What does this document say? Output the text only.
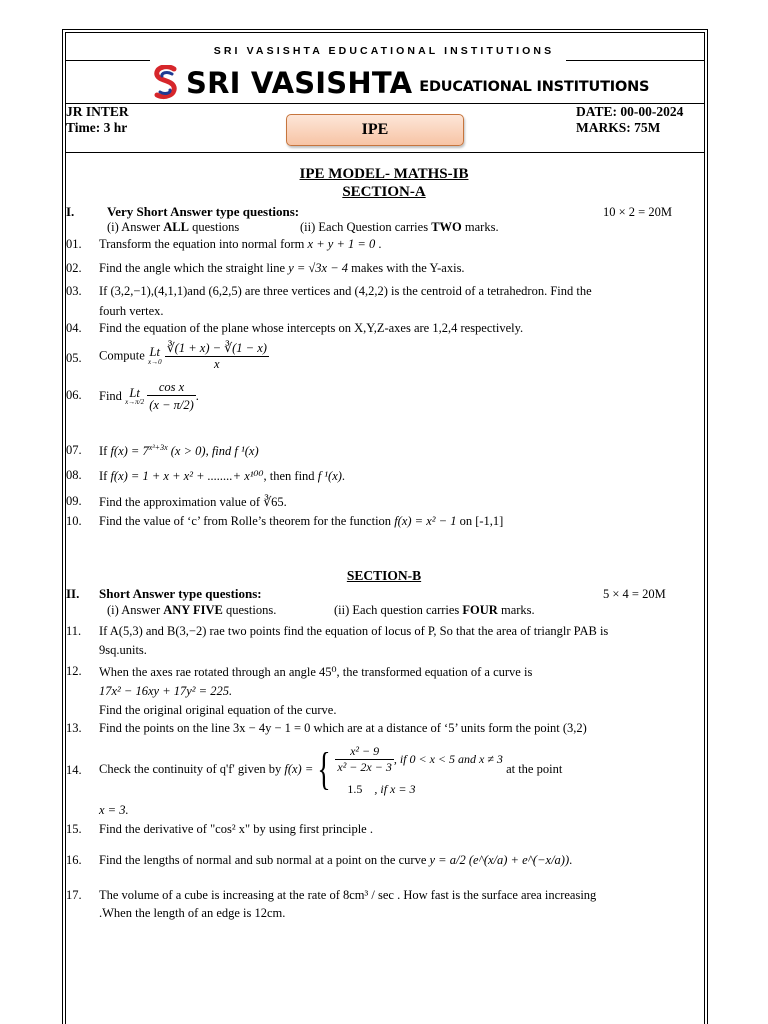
SRI VASISHTA EDUCATIONAL INSTITUTIONS
SRI VASISHTA EDUCATIONAL INSTITUTIONS
JR INTER
Time: 3 hr	IPE
DATE: 00-00-2024
MARKS: 75M
IPE MODEL- MATHS-IB
SECTION-A
I.	Very Short Answer type questions:	10 × 2 = 20M
(i) Answer ALL questions	(ii) Each Question carries TWO marks.
01. Transform the equation into normal form x + y + 1 = 0 .
02. Find the angle which the straight line y = √3x − 4 makes with the Y-axis.
03. If (3,2,−1),(4,1,1)and (6,2,5) are three vertices and (4,2,2) is the centroid of a tetrahedron. Find the
fourh vertex.
04. Find the equation of the plane whose intercepts on X,Y,Z-axes are 1,2,4 respectively.
05. Compute Lt
x→0
$\frac{∛(1 + x) - ∛(1 - x)}{x}$
06. Find Lt
x→π/2
$\frac{\text{cos x}}{(x - \pi/2)}$ .
07. If $f(x) = 7^{x^3+3x}$ (x > 0), find f ¹(x)
08. If f(x) = 1 + x + x² + ........+ x¹⁰⁰, then find f ¹(x).
09. Find the approximation value of ∛65.
10. Find the value of ‘c’ from Rolle’s theorem for the function f(x) = x² − 1 on [-1,1]
SECTION-B
II. Short Answer type questions:	5 × 4 = 20M
(i) Answer ANY FIVE questions.	(ii) Each question carries FOUR marks.
11. If A(5,3) and B(3,−2) rae two points find the equation of locus of P, So that the area of trianglr PAB is
9sq.units.
12. When the axes rae rotated through an angle 45⁰, the transformed equation of a curve is
17x² − 16xy + 17y² = 225.
Find the original original equation of the curve.
13. Find the points on the line 3x − 4y − 1 = 0 which are at a distance of ‘5’ units form the point (3,2)
14. Check the continuity of q'f' given by
f(x) = { $\frac{\text{x² − 9}}{\text{x² − 2x − 3}}$ , if 0 < x < 5 and x ≠ 3
1.5 , if x = 3

at the point
x = 3.
15. Find the derivative of "cos² x" by using first principle .
16. Find the lengths of normal and sub normal at a point on the curve y = a/2 (e^(x/a) + e^(−x/a)).
17. The volume of a cube is increasing at the rate of 8cm³ / sec . How fast is the surface area increasing
.When the length of an edge is 12cm.
